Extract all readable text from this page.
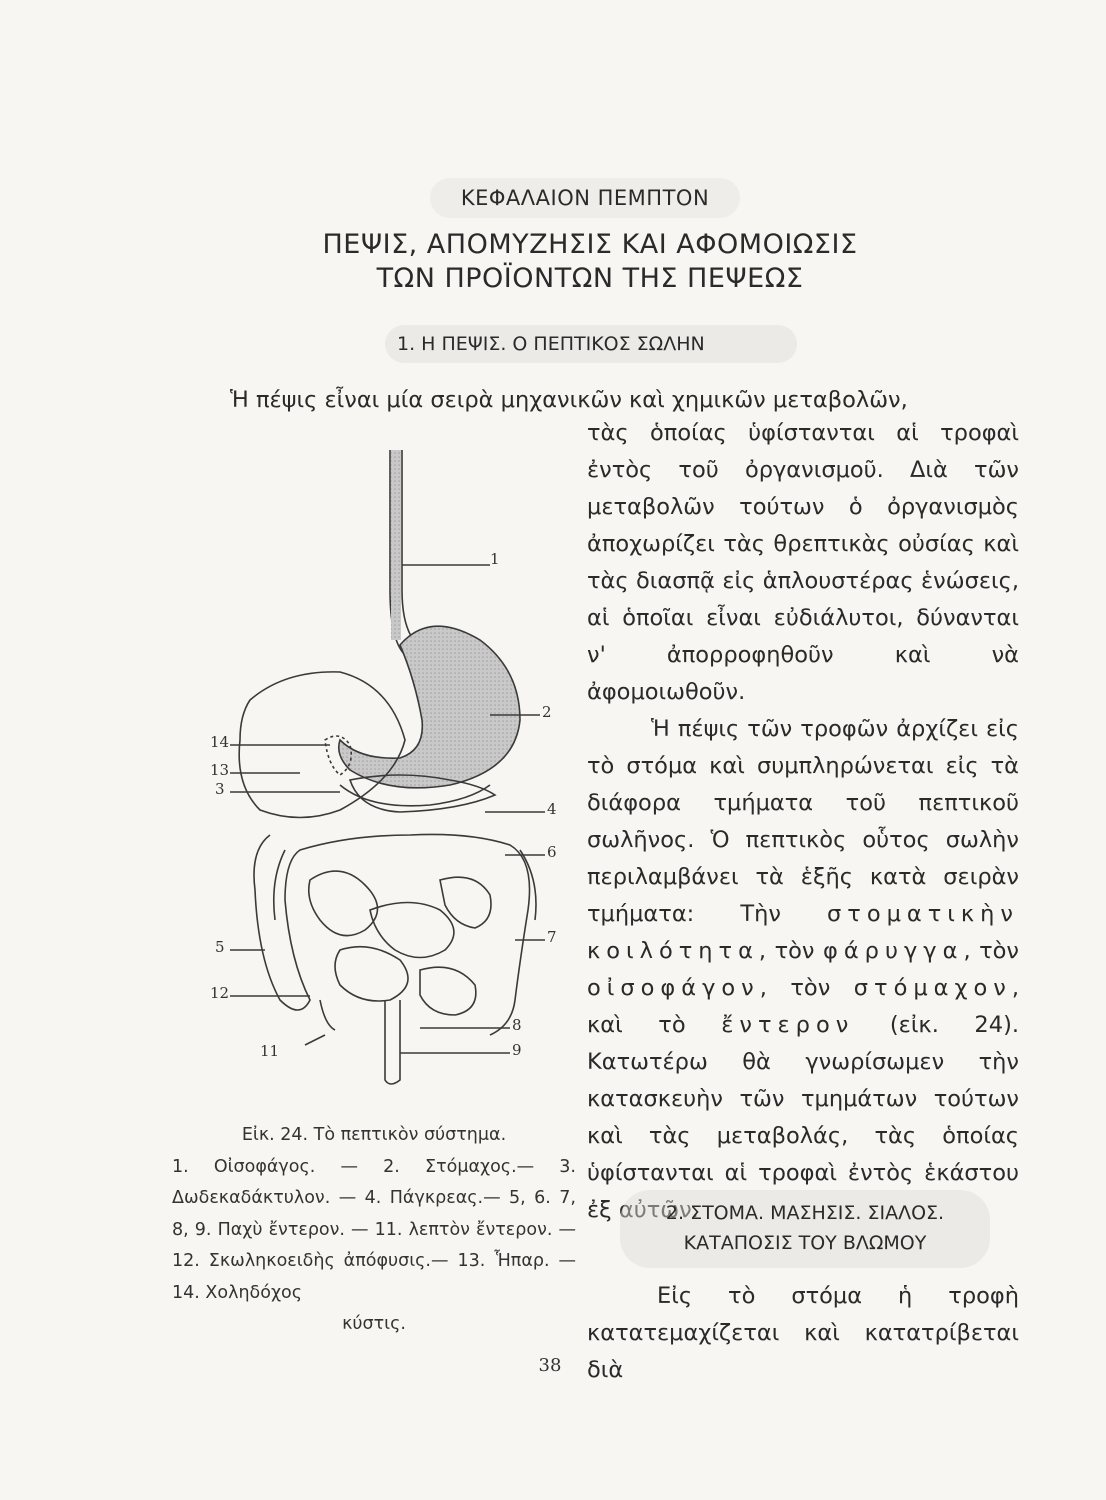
ΚΕΦΑΛΑΙΟΝ ΠΕΜΠΤΟΝ
ΠΕΨΙΣ, ΑΠΟΜΥΖΗΣΙΣ ΚΑΙ ΑΦΟΜΟΙΩΣΙΣ
ΤΩΝ ΠΡΟΪΟΝΤΩΝ ΤΗΣ ΠΕΨΕΩΣ
1. Η ΠΕΨΙΣ. Ο ΠΕΠΤΙΚΟΣ ΣΩΛΗΝ
Ἡ πέψις εἶναι μία σειρὰ μηχανικῶν καὶ χημικῶν μεταβολῶν,

τὰς ὁποίας ὑφίστανται αἱ τροφαὶ ἐντὸς τοῦ ὀργανισμοῦ. Διὰ τῶν μεταβολῶν τούτων ὁ ὀργανισμὸς ἀποχωρίζει τὰς θρεπτικὰς οὐσίας καὶ τὰς διασπᾷ εἰς ἁπλουστέρας ἑνώσεις, αἱ ὁποῖαι εἶναι εὐδιάλυτοι, δύνανται ν' ἀπορροφηθοῦν καὶ νὰ ἀφομοιωθοῦν.

Ἡ πέψις τῶν τροφῶν ἀρχίζει εἰς τὸ στόμα καὶ συμπληρώνεται εἰς τὰ διάφορα τμήματα τοῦ πεπτικοῦ σωλῆνος. Ὁ πεπτικὸς οὗτος σωλὴν περιλαμβάνει τὰ ἑξῆς κατὰ σειρὰν τμήματα: Τὴν στοματικὴν κοιλότητα, τὸν φάρυγγα, τὸν οἰσοφάγον, τὸν στόμαχον, καὶ τὸ ἔντερον (εἰκ. 24). Κατωτέρω θὰ γνωρίσωμεν τὴν κατασκευὴν τῶν τμημάτων τούτων καὶ τὰς μεταβολάς, τὰς ὁποίας ὑφίστανται αἱ τροφαὶ ἐντὸς ἑκάστου ἐξ αὐτῶν.

2. ΣΤΟΜΑ. ΜΑΣΗΣΙΣ. ΣΙΑΛΟΣ.
ΚΑΤΑΠΟΣΙΣ ΤΟΥ ΒΛΩΜΟΥ

Εἰς τὸ στόμα ἡ τροφὴ κατατεμαχίζεται καὶ κατατρίβεται διὰ

1
2
3
4
5
6
7
8
9
11
12
13
14
Εἰκ. 24. Τὸ πεπτικὸν σύστημα.
1. Οἰσοφάγος. — 2. Στόμαχος.— 3. Δωδεκαδάκτυλον. — 4. Πάγκρεας.— 5, 6. 7, 8, 9. Παχὺ ἔντερον. — 11. λεπτὸν ἔντερον. — 12. Σκωληκοειδὴς ἀπόφυσις.— 13. Ἧπαρ. — 14. Χοληδόχος
κύστις.
38
